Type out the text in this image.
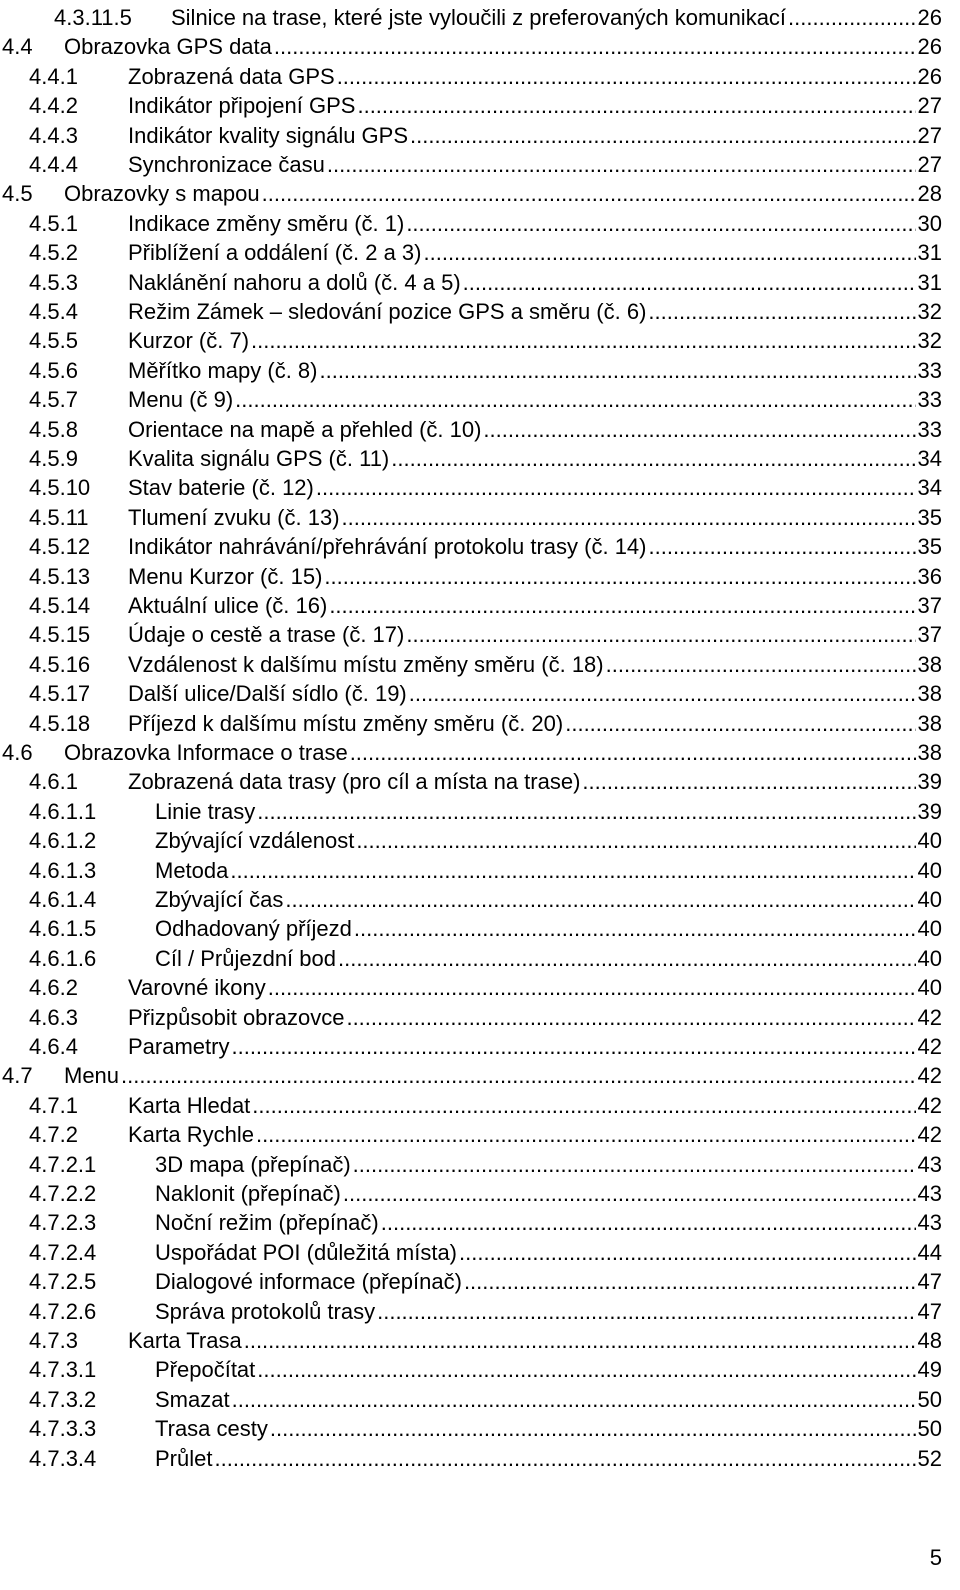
4.3.11.5 Silnice na trase, které jste vyloučili z preferovaných komunikací .....	26
4.4 Obrazovka GPS data .....	26
4.4.1 Zobrazená data GPS .....	26
4.4.2 Indikátor připojení GPS .....	27
4.4.3 Indikátor kvality signálu GPS .....	27
4.4.4 Synchronizace času .....	27
4.5 Obrazovky s mapou .....	28
4.5.1 Indikace změny směru (č. 1) .....	30
4.5.2 Přiblížení a oddálení (č. 2 a 3) .....	31
4.5.3 Naklánění nahoru a dolů (č. 4 a 5) .....	31
4.5.4 Režim Zámek – sledování pozice GPS a směru (č. 6) .....	32
4.5.5 Kurzor (č. 7) .....	32
4.5.6 Měřítko mapy (č. 8) .....	33
4.5.7 Menu (č 9) .....	33
4.5.8 Orientace na mapě a přehled (č. 10) .....	33
4.5.9 Kvalita signálu GPS (č. 11) .....	34
4.5.10 Stav baterie (č. 12) .....	34
4.5.11 Tlumení zvuku (č. 13) .....	35
4.5.12 Indikátor nahrávání/přehrávání protokolu trasy (č. 14) .....	35
4.5.13 Menu Kurzor (č. 15) .....	36
4.5.14 Aktuální ulice (č. 16) .....	37
4.5.15 Údaje o cestě a trase (č. 17) .....	37
4.5.16 Vzdálenost k dalšímu místu změny směru (č. 18) .....	38
4.5.17 Další ulice/Další sídlo (č. 19) .....	38
4.5.18 Příjezd k dalšímu místu změny směru (č. 20) .....	38
4.6 Obrazovka Informace o trase .....	38
4.6.1 Zobrazená data trasy (pro cíl a místa na trase) .....	39
4.6.1.1	Linie trasy .....	39
4.6.1.2	Zbývající vzdálenost .....	40
4.6.1.3	Metoda .....	40
4.6.1.4	Zbývající čas .....	40
4.6.1.5	Odhadovaný příjezd .....	40
4.6.1.6	Cíl / Průjezdní bod .....	40
4.6.2 Varovné ikony .....	40
4.6.3 Přizpůsobit obrazovce .....	42
4.6.4 Parametry .....	42
4.7 Menu .....	42
4.7.1 Karta Hledat .....	42
4.7.2 Karta Rychle .....	42
4.7.2.1	3D mapa (přepínač) .....	43
4.7.2.2	Naklonit (přepínač) .....	43
4.7.2.3	Noční režim (přepínač) .....	43
4.7.2.4	Uspořádat POI (důležitá místa) .....	44
4.7.2.5	Dialogové informace (přepínač) .....	47
4.7.2.6	Správa protokolů trasy .....	47
4.7.3 Karta Trasa .....	48
4.7.3.1	Přepočítat .....	49
4.7.3.2	Smazat .....	50
4.7.3.3	Trasa cesty .....	50
4.7.3.4	Průlet .....	52
5
